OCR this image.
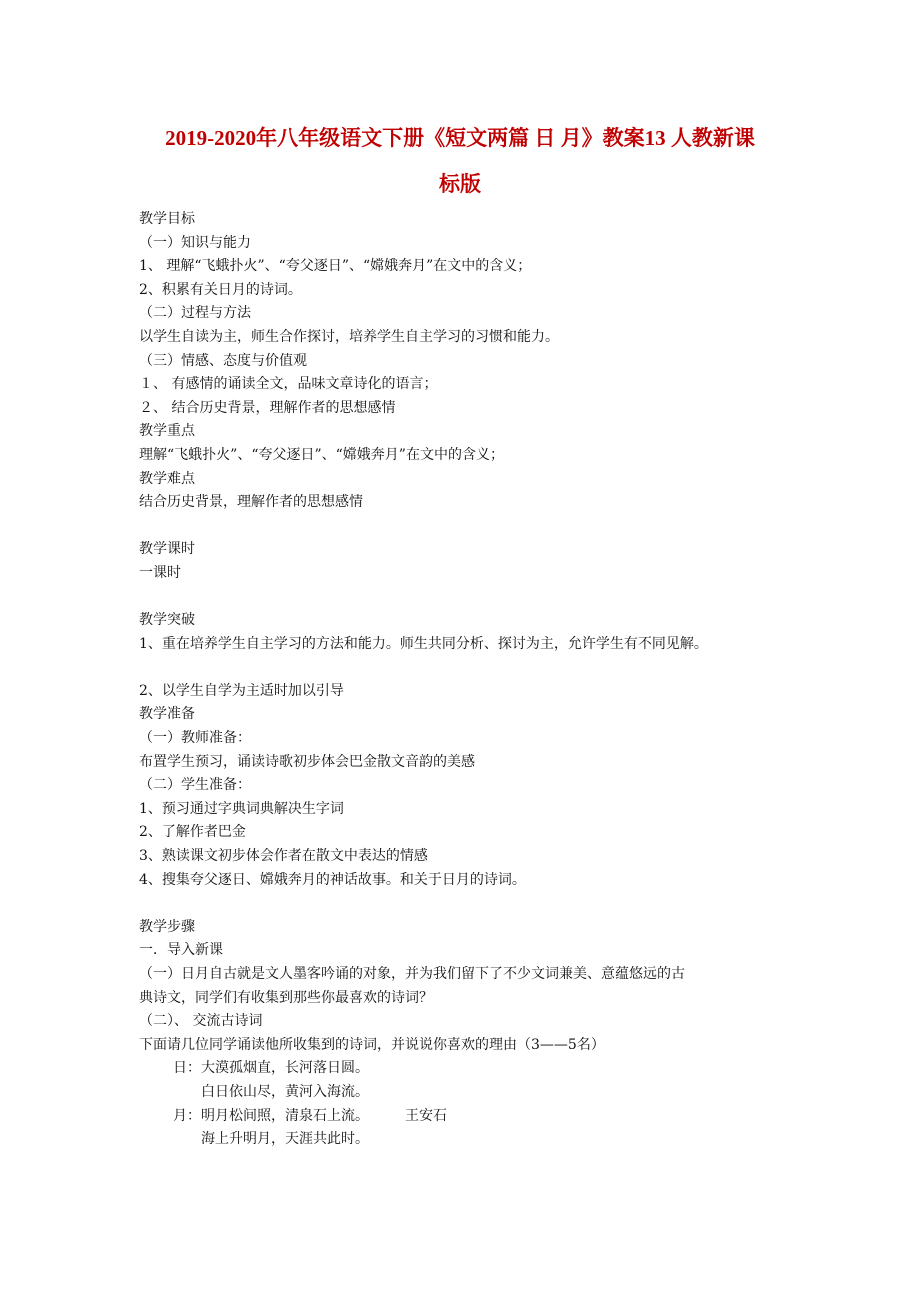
2019-2020年八年级语文下册《短文两篇 日 月》教案13 人教新课
标版
教学目标
（一）知识与能力
1、 理解“飞蛾扑火”、“夸父逐日”、“嫦娥奔月”在文中的含义；
2、积累有关日月的诗词。
（二）过程与方法
以学生自读为主，师生合作探讨，培养学生自主学习的习惯和能力。
（三）情感、态度与价值观
１、 有感情的诵读全文，品味文章诗化的语言；
２、 结合历史背景，理解作者的思想感情
教学重点
理解“飞蛾扑火”、“夸父逐日”、“嫦娥奔月”在文中的含义；
教学难点
结合历史背景，理解作者的思想感情
教学课时
一课时
教学突破
1、重在培养学生自主学习的方法和能力。师生共同分析、探讨为主，允许学生有不同见解。
2、以学生自学为主适时加以引导
教学准备
（一）教师准备：
布置学生预习，诵读诗歌初步体会巴金散文音韵的美感
（二）学生准备：
1、预习通过字典词典解决生字词
2、了解作者巴金
3、熟读课文初步体会作者在散文中表达的情感
4、搜集夸父逐日、嫦娥奔月的神话故事。和关于日月的诗词。
教学步骤
一．导入新课
（一）日月自古就是文人墨客吟诵的对象，并为我们留下了不少文词兼美、意蕴悠远的古
典诗文，同学们有收集到那些你最喜欢的诗词？
（二）、 交流古诗词
下面请几位同学诵读他所收集到的诗词，并说说你喜欢的理由（3——5名）
日：大漠孤烟直，长河落日圆。
白日依山尽，黄河入海流。
月：明月松间照，清泉石上流。	王安石
海上升明月，天涯共此时。
